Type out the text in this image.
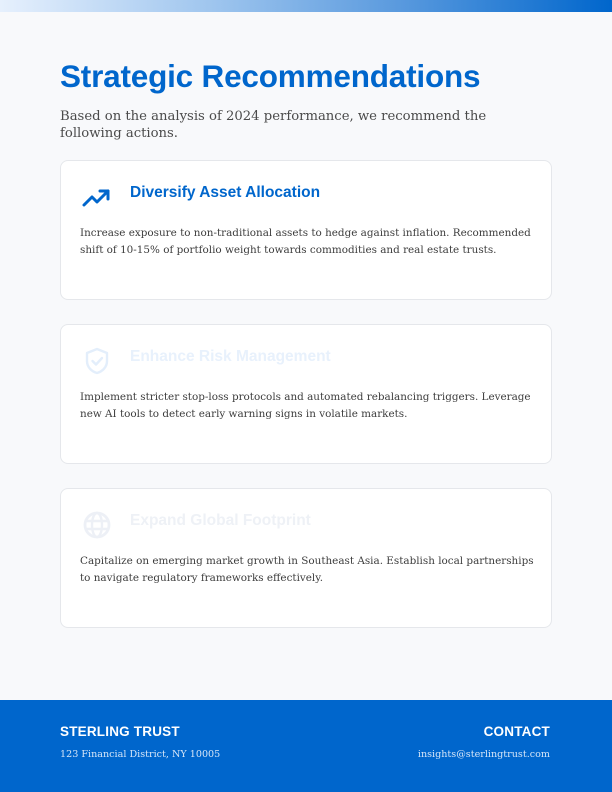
Strategic Recommendations

Based on the analysis of 2024 performance, we recommend the following actions.

Diversify Asset Allocation

Increase exposure to non-traditional assets to hedge against inflation. Recommended shift of 10-15% of portfolio weight towards commodities and real estate trusts.

Enhance Risk Management

Implement stricter stop-loss protocols and automated rebalancing triggers. Leverage new AI tools to detect early warning signs in volatile markets.

Expand Global Footprint

Capitalize on emerging market growth in Southeast Asia. Establish local partnerships to navigate regulatory frameworks effectively.

STERLING TRUST
123 Financial District, NY 10005
CONTACT
insights@sterlingtrust.com
